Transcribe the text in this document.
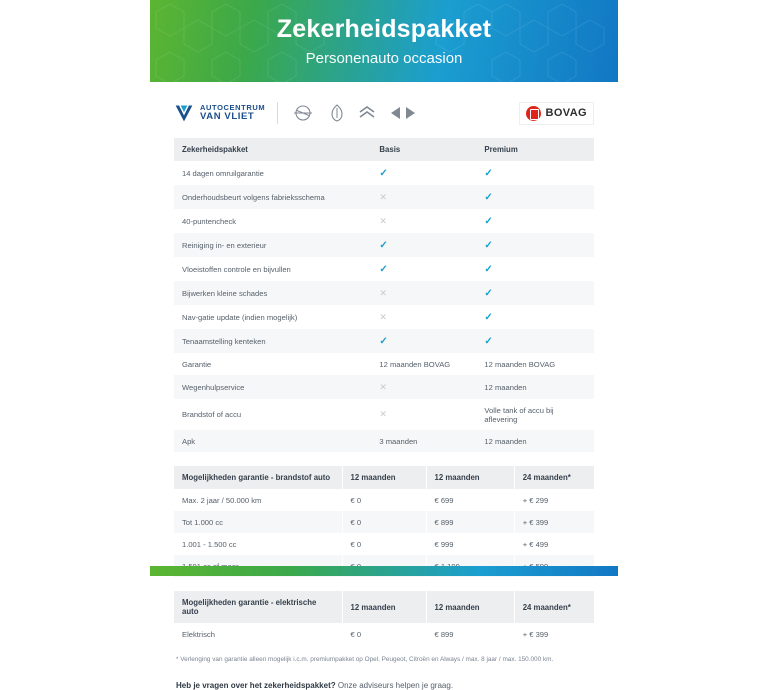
Zekerheidspakket
Personenauto occasion
AUTOCENTRUM
VAN VLIET	BOVAG
Zekerheidspakket	Basis	Premium
14 dagen omruilgarantie	✓	✓
Onderhoudsbeurt volgens fabrieksschema	✕	✓
40-puntencheck	✕	✓
Reiniging in- en exterieur	✓	✓
Vloeistoffen controle en bijvullen	✓	✓
Bijwerken kleine schades	✕	✓
Nav-gatie update (indien mogelijk)	✕	✓
Tenaamstelling kenteken	✓	✓
Garantie	12 maanden BOVAG	12 maanden BOVAG
Wegenhulpservice	✕	12 maanden
Brandstof of accu	✕	Volle tank of accu bij aflevering
Apk	3 maanden	12 maanden
Mogelijkheden garantie - brandstof auto	12 maanden	12 maanden	24 maanden*
Max. 2 jaar / 50.000 km	€ 0	€ 699	+ € 299
Tot 1.000 cc	€ 0	€ 899	+ € 399
1.001 - 1.500 cc	€ 0	€ 999	+ € 499

Mogelijkheden garantie - elektrische auto	12 maanden	12 maanden	24 maanden*
Elektrisch	€ 0	€ 899	+ € 399
* Verlenging van garantie alleen mogelijk i.c.m. premiumpakket op Opel, Peugeot, Citroën en Always / max. 8 jaar / max. 150.000 km.
Heb je vragen over het zekerheidspakket? Onze adviseurs helpen je graag.
